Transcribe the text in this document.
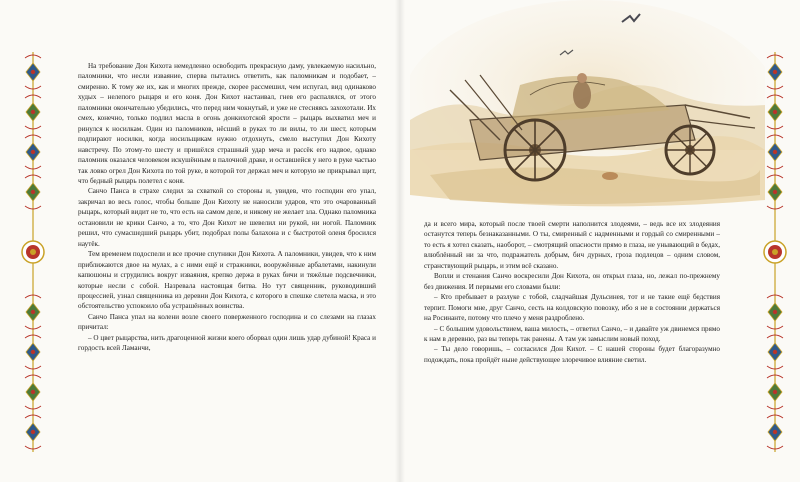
На требование Дон Кихота немедленно освободить прекрасную даму, увлекаемую насильно, паломники, что несли изваяние, сперва пытались ответить, как паломникам и подобает, – смиренно. К тому же их, как и многих прежде, скорее рассмешил, чем испугал, вид одинаково худых – нелепого рыцаря и его коня. Дон Кихот настаивал, гнев его распалялся, от этого паломники окончательно убедились, что перед ним чокнутый, и уже не стесняясь захохотали. Их смех, конечно, только подлил масла в огонь донкихотской ярости – рыцарь выхватил меч и ринулся к носилкам. Один из паломников, нёсший в руках то ли вилы, то ли шест, которым подпирают носилки, когда носильщикам нужно отдохнуть, смело выступил Дон Кихоту навстречу. По этому-то шесту и пришёлся страшный удар меча и рассёк его надвое, однако паломник оказался человеком искушённым в палочной драке, и оставшейся у него в руке частью так ловко огрел Дон Кихота по той руке, в которой тот держал меч и которую не прикрывал щит, что бедный рыцарь полетел с коня.

Санчо Панса в страхе следил за схваткой со стороны и, увидев, что господин его упал, закричал во весь голос, чтобы больше Дон Кихоту не наносили ударов, что это очарованный рыцарь, который видит не то, что есть на самом деле, и никому не желает зла. Однако паломника остановили не крики Санчо, а то, что Дон Кихот не шевелил ни рукой, ни ногой. Паломник решил, что сумасшедший рыцарь убит, подобрал полы балахона и с быстротой оленя бросился наутёк.

Тем временем подоспели и все прочие спутники Дон Кихота. А паломники, увидев, что к ним приближаются двое на мулах, а с ними ещё и стражники, вооружённые арбалетами, накинули капюшоны и сгрудились вокруг изваяния, крепко держа в руках бичи и тяжёлые подсвечники, которые несли с собой. Назревала настоящая битва. Но тут священник, руководивший процессией, узнал священника из деревни Дон Кихота, с которого в спешке слетела маска, и это обстоятельство успокоило оба устрашённых воинства.

Санчо Панса упал на колени возле своего поверженного господина и со слезами на глазах причитал:

– О цвет рыцарства, нить драгоценной жизни коего оборвал один лишь удар дубиной! Краса и гордость всей Ламанчи,

да и всего мира, который после твоей смерти наполнится злодеями, – ведь все их злодеяния останутся теперь безнаказанными. О ты, смиренный с надменными и гордый со смиренными – то есть я хотел сказать, наоборот, – смотрящий опасности прямо в глаза, не унывающий в бедах, влюблённый ни за что, подражатель добрым, бич дурных, гроза подлецов – одним словом, странствующий рыцарь, и этим всё сказано.

Вопли и стенания Санчо воскресили Дон Кихота, он открыл глаза, но, лежал по-прежнему без движения. И первыми его словами были:

– Кто пребывает в разлуке с тобой, сладчайшая Дульсинея, тот и не такие ещё бедствия терпит. Помоги мне, друг Санчо, сесть на колдовскую повозку, ибо я не в состоянии держаться на Росинанте, потому что плечо у меня раздроблено.

– С большим удовольствием, ваша милость, – ответил Санчо, – и давайте уж двинемся прямо к нам в деревню, раз вы теперь так ранены. А там уж замыслим новый поход.

– Ты дело говоришь, – согласился Дон Кихот. – С нашей стороны будет благоразумно подождать, пока пройдёт ныне действующее злоречивое влияние светил.
